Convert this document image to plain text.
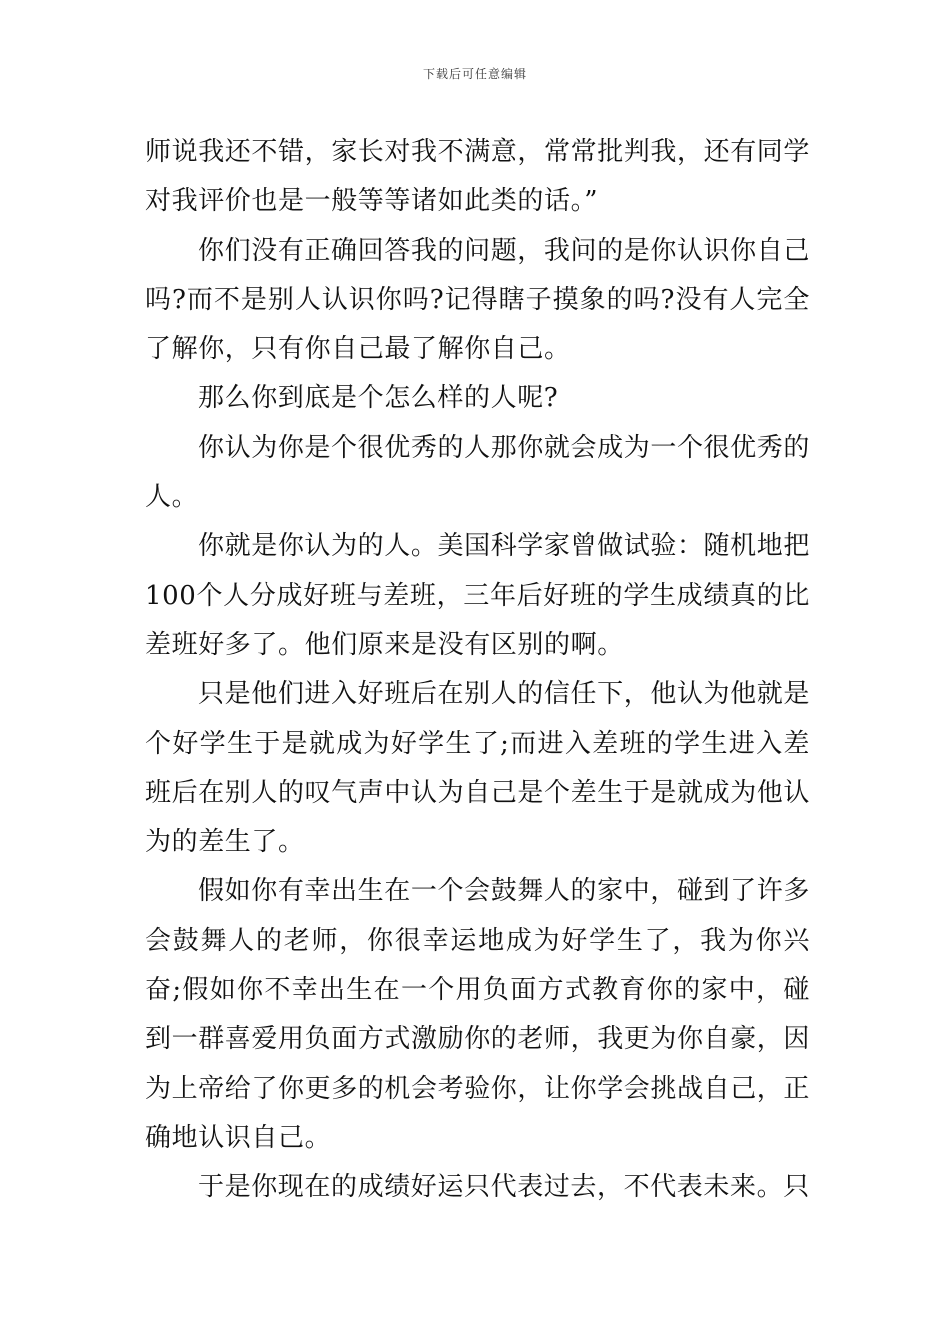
下载后可任意编辑

师说我还不错，家长对我不满意，常常批判我，还有同学对我评价也是一般等等诸如此类的话。”

你们没有正确回答我的问题，我问的是你认识你自己吗?而不是别人认识你吗?记得瞎子摸象的吗?没有人完全了解你，只有你自己最了解你自己。

那么你到底是个怎么样的人呢?

你认为你是个很优秀的人那你就会成为一个很优秀的人。

你就是你认为的人。美国科学家曾做试验：随机地把100个人分成好班与差班，三年后好班的学生成绩真的比差班好多了。他们原来是没有区别的啊。

只是他们进入好班后在别人的信任下，他认为他就是个好学生于是就成为好学生了;而进入差班的学生进入差班后在别人的叹气声中认为自己是个差生于是就成为他认为的差生了。

假如你有幸出生在一个会鼓舞人的家中，碰到了许多会鼓舞人的老师，你很幸运地成为好学生了，我为你兴奋;假如你不幸出生在一个用负面方式教育你的家中，碰到一群喜爱用负面方式激励你的老师，我更为你自豪，因为上帝给了你更多的机会考验你，让你学会挑战自己，正确地认识自己。

于是你现在的成绩好运只代表过去，不代表未来。只
